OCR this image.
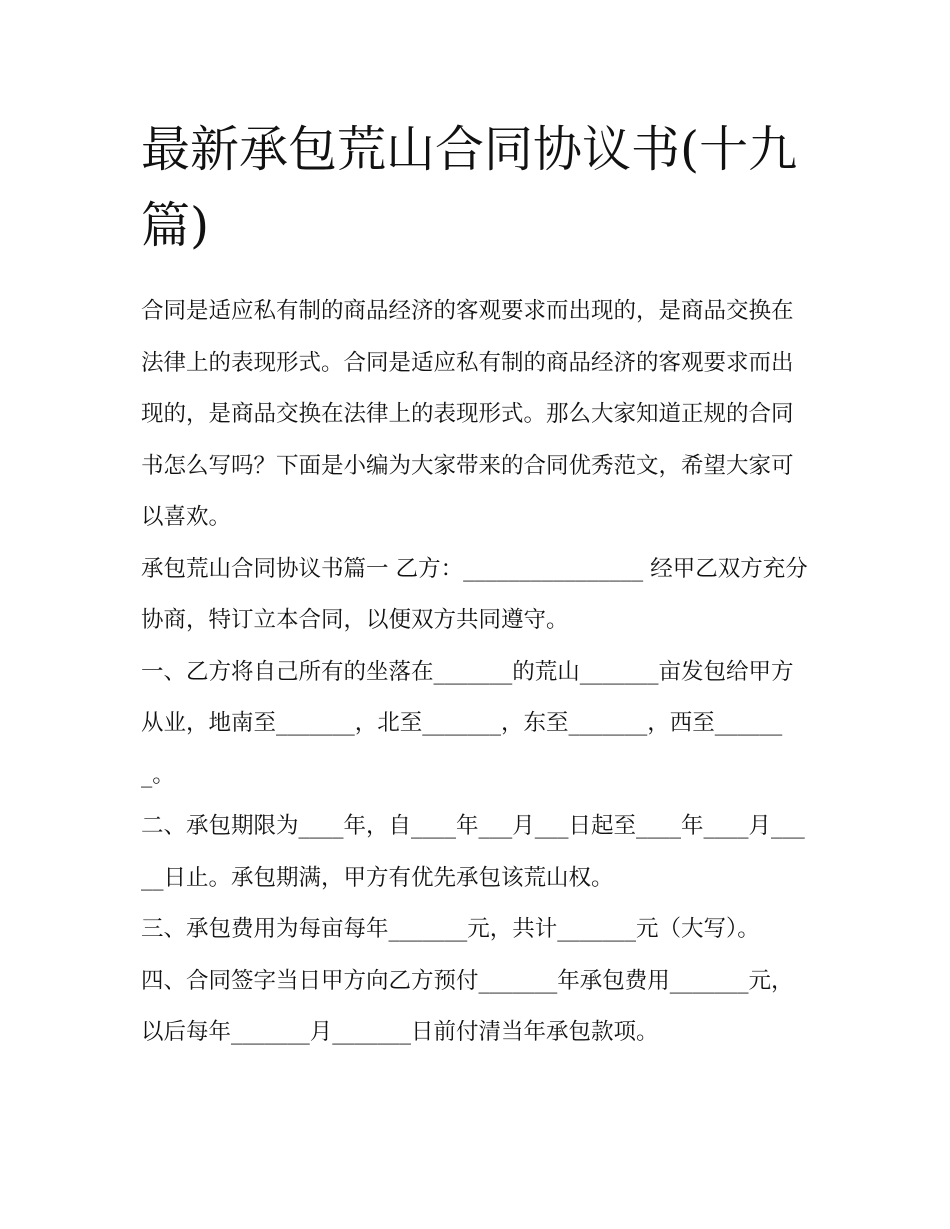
最新承包荒山合同协议书(十九篇)

合同是适应私有制的商品经济的客观要求而出现的，是商品交换在法律上的表现形式。合同是适应私有制的商品经济的客观要求而出现的，是商品交换在法律上的表现形式。那么大家知道正规的合同书怎么写吗？下面是小编为大家带来的合同优秀范文，希望大家可以喜欢。

承包荒山合同协议书篇一 乙方：________________ 经甲乙双方充分协商，特订立本合同，以便双方共同遵守。

一、乙方将自己所有的坐落在_______的荒山_______亩发包给甲方从业，地南至_______，北至_______，东至_______，西至_______。

二、承包期限为____年，自____年___月___日起至____年____月_____日止。承包期满，甲方有优先承包该荒山权。

三、承包费用为每亩每年_______元，共计_______元（大写）。

四、合同签字当日甲方向乙方预付_______年承包费用_______元，以后每年_______月_______日前付清当年承包款项。
